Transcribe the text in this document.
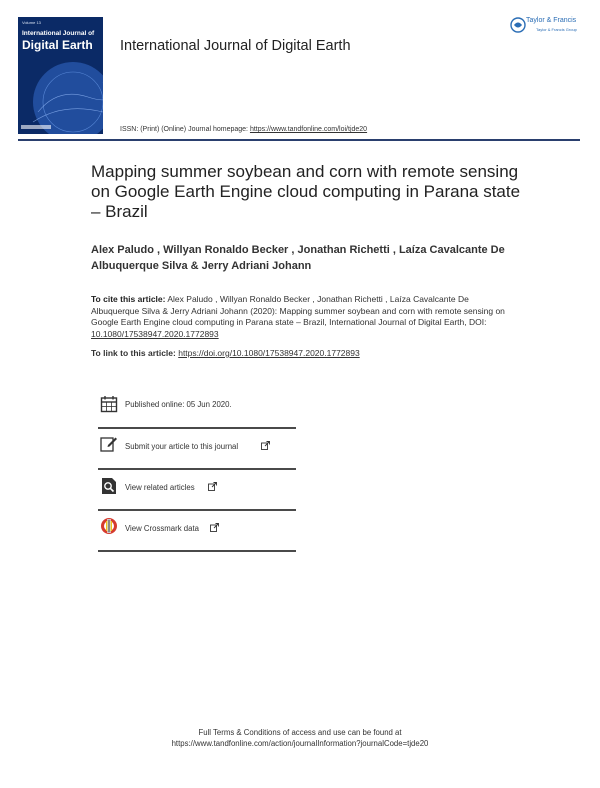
Volume 13
International Journal of
Digital Earth International Journal of Digital Earth
Taylor & Francis
Taylor & Francis Group
ISSN: (Print) (Online) Journal homepage: https://www.tandfonline.com/loi/tjde20
Mapping summer soybean and corn with remote sensing on Google Earth Engine cloud computing in Parana state – Brazil
Alex Paludo , Willyan Ronaldo Becker , Jonathan Richetti , Laíza Cavalcante De Albuquerque Silva & Jerry Adriani Johann
To cite this article: Alex Paludo , Willyan Ronaldo Becker , Jonathan Richetti , Laíza Cavalcante De Albuquerque Silva & Jerry Adriani Johann (2020): Mapping summer soybean and corn with remote sensing on Google Earth Engine cloud computing in Parana state – Brazil, International Journal of Digital Earth, DOI: 10.1080/17538947.2020.1772893
To link to this article: https://doi.org/10.1080/17538947.2020.1772893
Published online: 05 Jun 2020.
Submit your article to this journal
View related articles
View Crossmark data
Full Terms & Conditions of access and use can be found at
https://www.tandfonline.com/action/journalInformation?journalCode=tjde20
